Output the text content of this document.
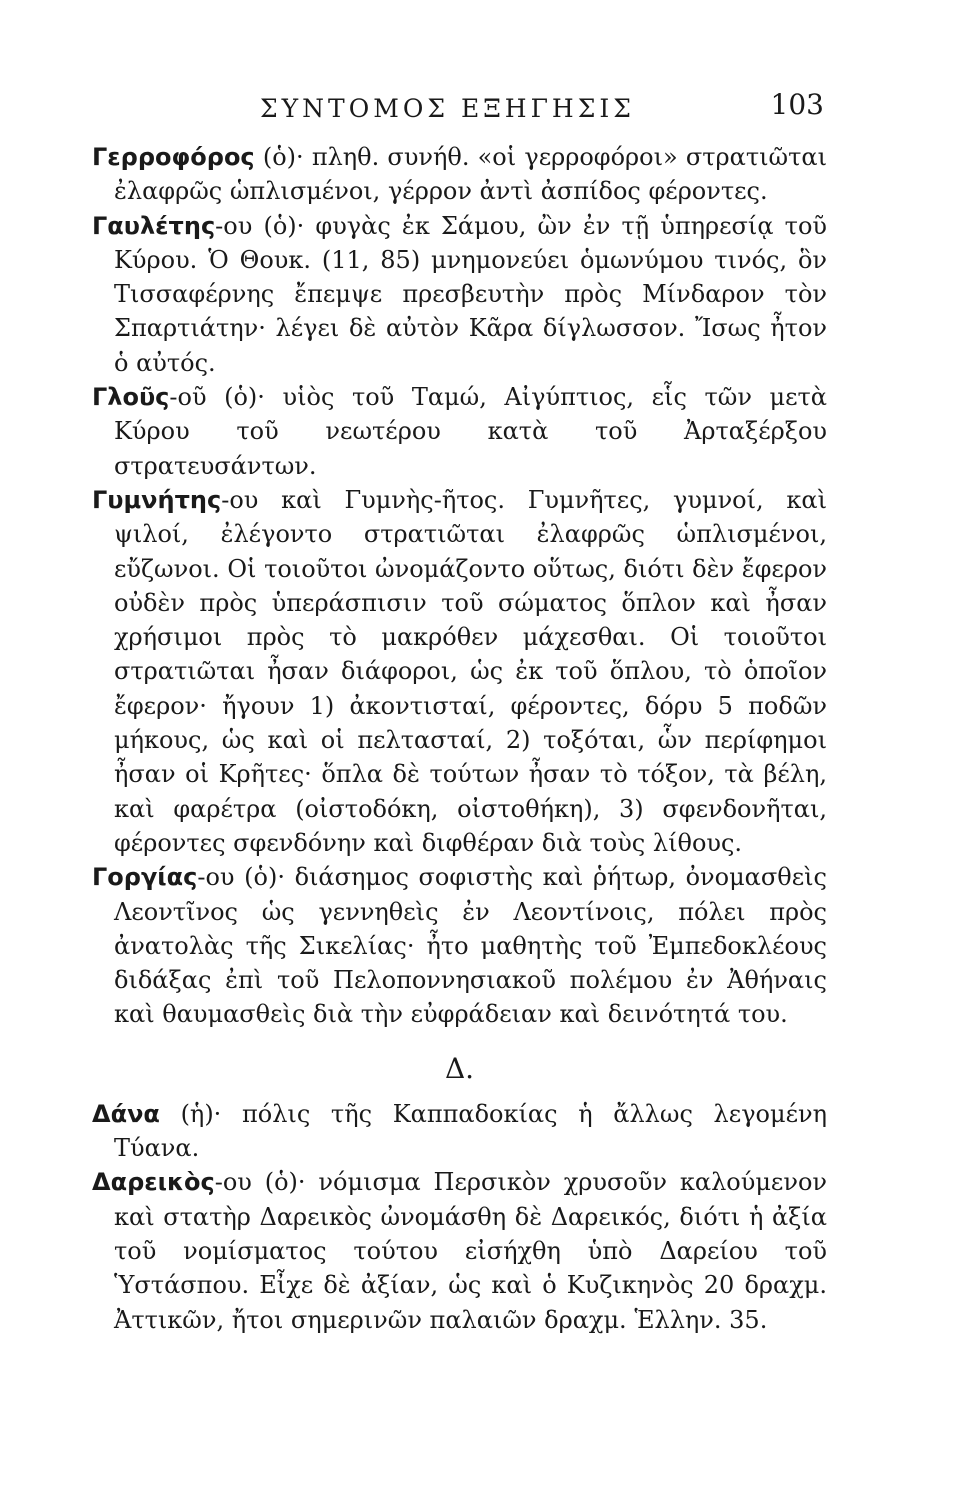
ΣΥΝΤΟΜΟΣ ΕΞΗΓΗΣΙΣ	103

Γερροφόρος (ὁ)· πληθ. συνήθ. «οἱ γερροφόροι» στρατιῶται ἐλαφρῶς ὡπλισμένοι, γέρρον ἀντὶ ἀσπίδος φέροντες.

Γαυλέτης-ου (ὁ)· φυγὰς ἐκ Σάμου, ὢν ἐν τῇ ὑπηρεσίᾳ τοῦ Κύρου. Ὁ Θουκ. (11, 85) μνημονεύει ὁμωνύμου τινός, ὃν Τισσαφέρνης ἔπεμψε πρεσβευτὴν πρὸς Μίνδαρον τὸν Σπαρτιάτην· λέγει δὲ αὐτὸν Κᾶρα δίγλωσσον. Ἴσως ἦτον ὁ αὐτός.

Γλοῦς-οῦ (ὁ)· υἱὸς τοῦ Ταμώ, Αἰγύπτιος, εἷς τῶν μετὰ Κύρου τοῦ νεωτέρου κατὰ τοῦ Ἀρταξέρξου στρατευσάντων.

Γυμνήτης-ου καὶ Γυμνὴς-ῆτος. Γυμνῆτες, γυμνοί, καὶ ψιλοί, ἐλέγοντο στρατιῶται ἐλαφρῶς ὡπλισμένοι, εὔζωνοι. Οἱ τοιοῦτοι ὠνομάζοντο οὕτως, διότι δὲν ἔφερον οὐδὲν πρὸς ὑπεράσπισιν τοῦ σώματος ὅπλον καὶ ἦσαν χρήσιμοι πρὸς τὸ μακρόθεν μάχεσθαι. Οἱ τοιοῦτοι στρατιῶται ἦσαν διάφοροι, ὡς ἐκ τοῦ ὅπλου, τὸ ὁποῖον ἔφερον· ἤγουν 1) ἀκοντισταί, φέροντες, δόρυ 5 ποδῶν μήκους, ὡς καὶ οἱ πελτασταί, 2) τοξόται, ὧν περίφημοι ἦσαν οἱ Κρῆτες· ὅπλα δὲ τούτων ἦσαν τὸ τόξον, τὰ βέλη, καὶ φαρέτρα (οἰστοδόκη, οἰστοθήκη), 3) σφενδονῆται, φέροντες σφενδόνην καὶ διφθέραν διὰ τοὺς λίθους.

Γοργίας-ου (ὁ)· διάσημος σοφιστὴς καὶ ῥήτωρ, ὀνομασθεὶς Λεοντῖνος ὡς γεννηθεὶς ἐν Λεοντίνοις, πόλει πρὸς ἀνατολὰς τῆς Σικελίας· ἦτο μαθητὴς τοῦ Ἐμπεδοκλέους διδάξας ἐπὶ τοῦ Πελοποννησιακοῦ πολέμου ἐν Ἀθήναις καὶ θαυμασθεὶς διὰ τὴν εὐφράδειαν καὶ δεινότητά του.

Δ.

Δάνα (ἡ)· πόλις τῆς Καππαδοκίας ἡ ἄλλως λεγομένη Τύανα.

Δαρεικὸς-ου (ὁ)· νόμισμα Περσικὸν χρυσοῦν καλούμενον καὶ στατὴρ Δαρεικὸς ὠνομάσθη δὲ Δαρεικός, διότι ἡ ἀξία τοῦ νομίσματος τούτου εἰσήχθη ὑπὸ Δαρείου τοῦ Ὑστάσπου. Εἶχε δὲ ἀξίαν, ὡς καὶ ὁ Κυζικηνὸς 20 δραχμ. Ἀττικῶν, ἤτοι σημερινῶν παλαιῶν δραχμ. Ἑλλην. 35.
